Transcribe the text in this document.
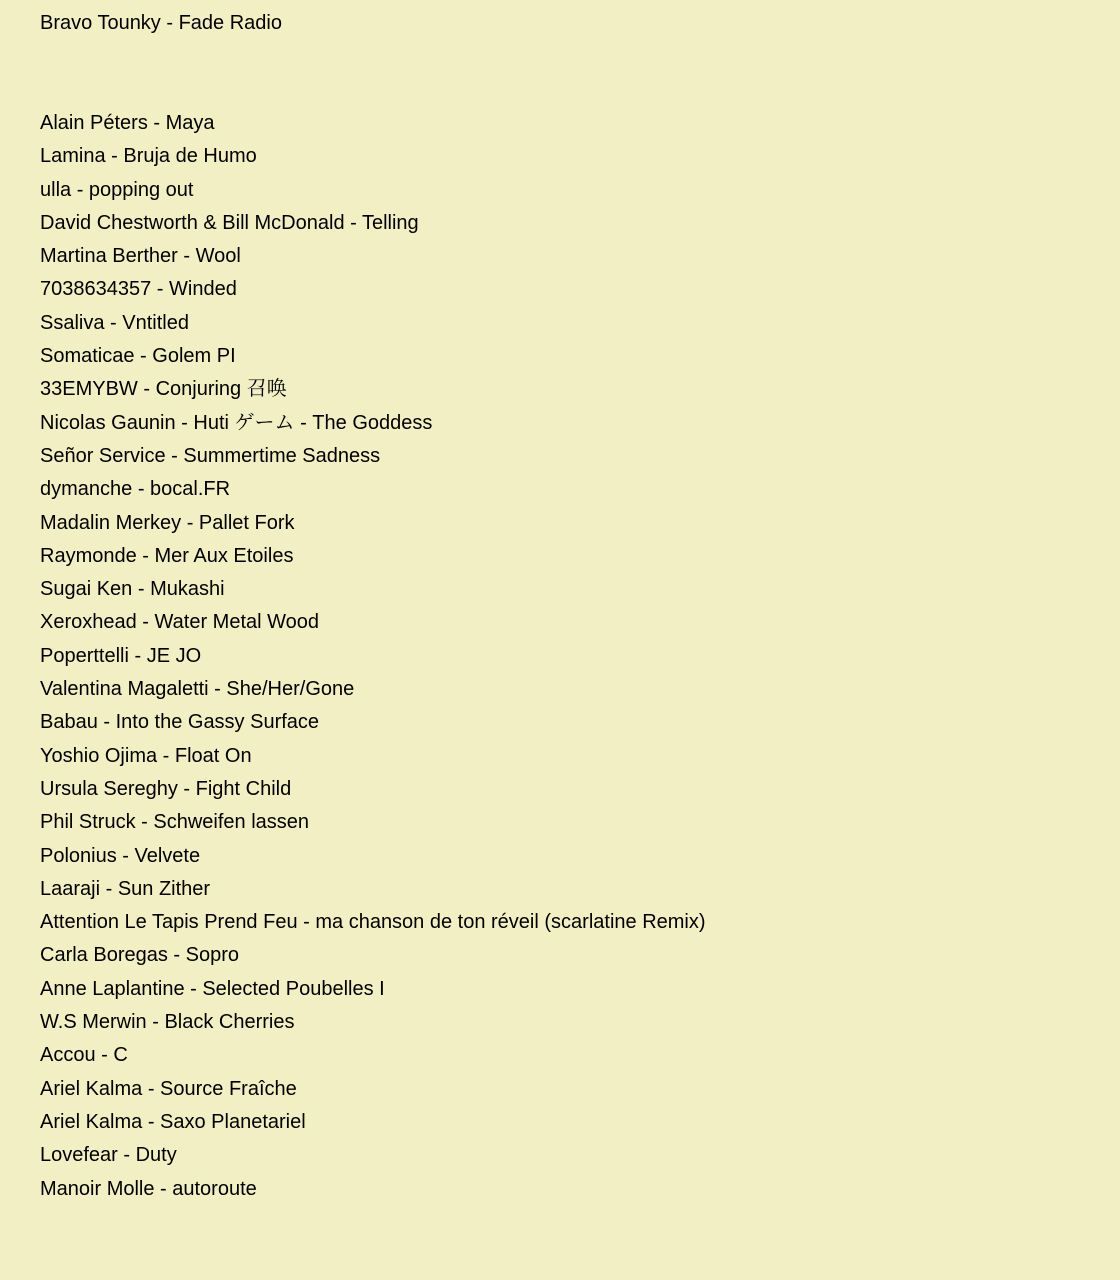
Bravo Tounky - Fade Radio
Alain Péters - Maya
Lamina - Bruja de Humo
ulla - popping out
David Chestworth & Bill McDonald - Telling
Martina Berther - Wool
7038634357 - Winded
Ssaliva - Vntitled
Somaticae - Golem PI
33EMYBW - Conjuring 召唤
Nicolas Gaunin - Huti ゲーム - The Goddess
Señor Service - Summertime Sadness
dymanche - bocal.FR
Madalin Merkey - Pallet Fork
Raymonde - Mer Aux Etoiles
Sugai Ken - Mukashi
Xeroxhead - Water Metal Wood
Poperttelli - JE JO
Valentina Magaletti - She/Her/Gone
Babau - Into the Gassy Surface
Yoshio Ojima - Float On
Ursula Sereghy - Fight Child
Phil Struck - Schweifen lassen
Polonius - Velvete
Laaraji - Sun Zither
Attention Le Tapis Prend Feu - ma chanson de ton réveil (scarlatine Remix)
Carla Boregas - Sopro
Anne Laplantine - Selected Poubelles I
W.S Merwin - Black Cherries
Accou - C
Ariel Kalma - Source Fraîche
Ariel Kalma - Saxo Planetariel
Lovefear - Duty
Manoir Molle - autoroute
